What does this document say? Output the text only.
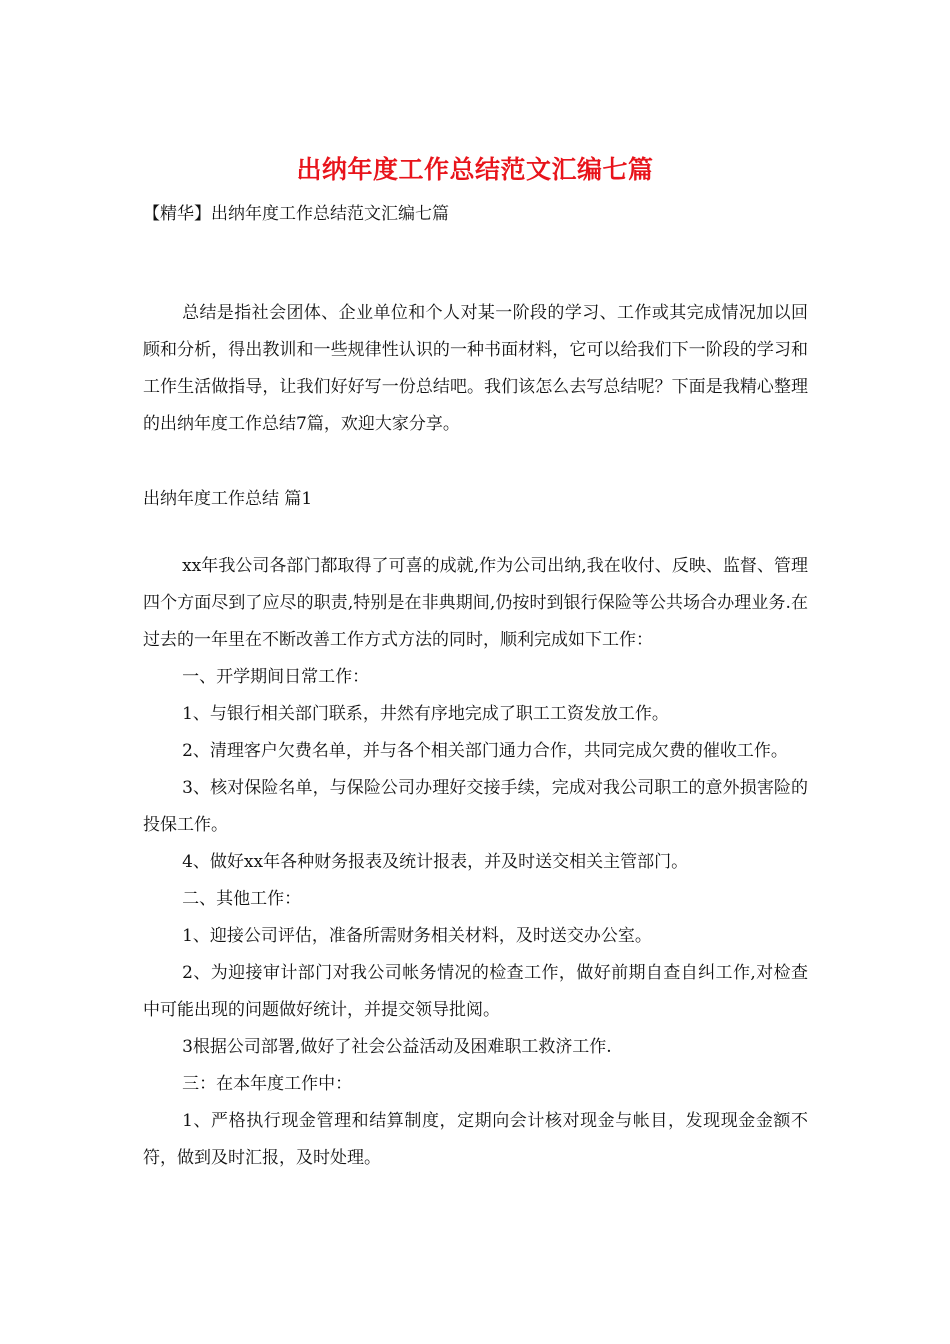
出纳年度工作总结范文汇编七篇
【精华】出纳年度工作总结范文汇编七篇

总结是指社会团体、企业单位和个人对某一阶段的学习、工作或其完成情况加以回顾和分析，得出教训和一些规律性认识的一种书面材料，它可以给我们下一阶段的学习和工作生活做指导，让我们好好写一份总结吧。我们该怎么去写总结呢？下面是我精心整理的出纳年度工作总结7篇，欢迎大家分享。

出纳年度工作总结 篇1

xx年我公司各部门都取得了可喜的成就,作为公司出纳,我在收付、反映、监督、管理四个方面尽到了应尽的职责,特别是在非典期间,仍按时到银行保险等公共场合办理业务.在过去的一年里在不断改善工作方式方法的同时，顺利完成如下工作：

一、开学期间日常工作：

1、与银行相关部门联系，井然有序地完成了职工工资发放工作。

2、清理客户欠费名单，并与各个相关部门通力合作，共同完成欠费的催收工作。

3、核对保险名单，与保险公司办理好交接手续，完成对我公司职工的意外损害险的投保工作。

4、做好xx年各种财务报表及统计报表，并及时送交相关主管部门。

二、其他工作：

1、迎接公司评估，准备所需财务相关材料，及时送交办公室。

2、为迎接审计部门对我公司帐务情况的检查工作，做好前期自查自纠工作,对检查中可能出现的问题做好统计，并提交领导批阅。

3根据公司部署,做好了社会公益活动及困难职工救济工作.

三：在本年度工作中：

1、严格执行现金管理和结算制度，定期向会计核对现金与帐目，发现现金金额不符，做到及时汇报，及时处理。
